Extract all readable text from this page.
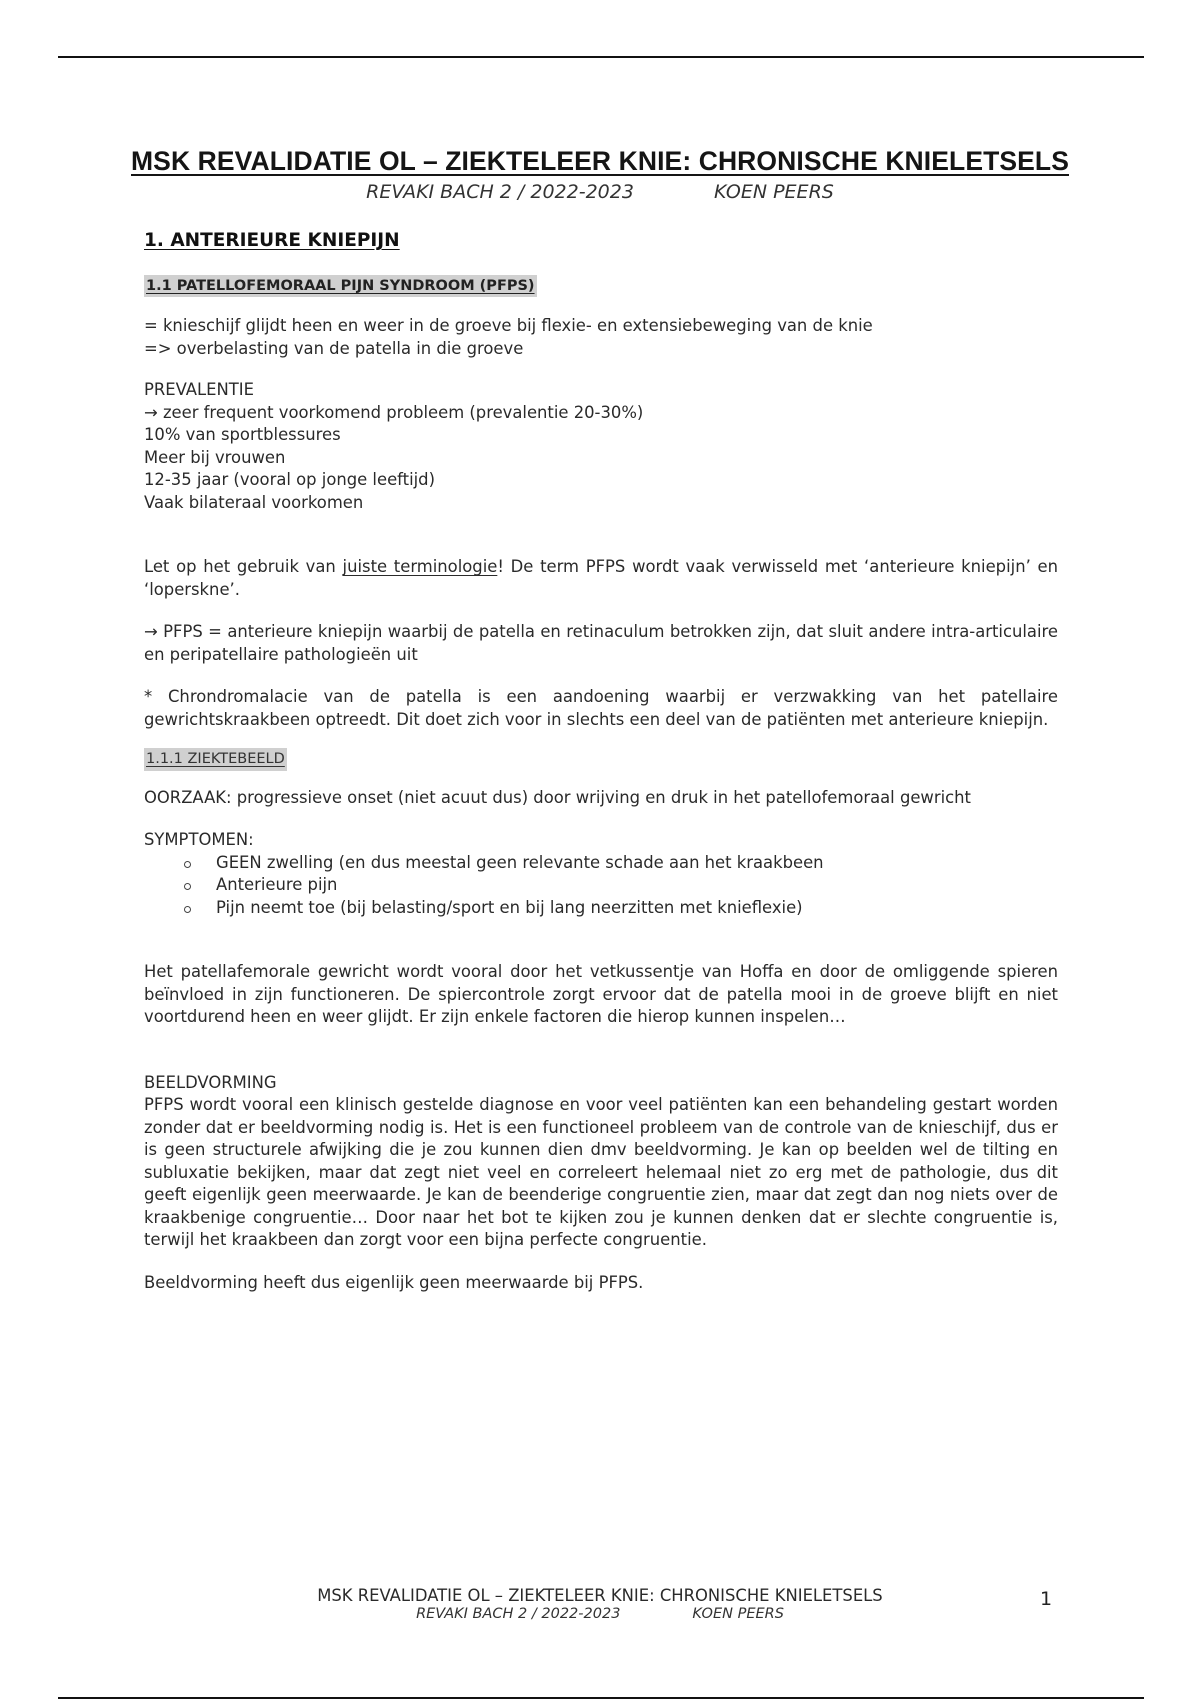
MSK REVALIDATIE OL – ZIEKTELEER KNIE: CHRONISCHE KNIELETSELS
REVAKI BACH 2 / 2022-2023	KOEN PEERS

1. ANTERIEURE KNIEPIJN

1.1 PATELLOFEMORAAL PIJN SYNDROOM (PFPS)

= knieschijf glijdt heen en weer in de groeve bij flexie- en extensiebeweging van de knie

=> overbelasting van de patella in die groeve

PREVALENTIE

→ zeer frequent voorkomend probleem (prevalentie 20-30%)

10% van sportblessures

Meer bij vrouwen

12-35 jaar (vooral op jonge leeftijd)

Vaak bilateraal voorkomen

Let op het gebruik van juiste terminologie! De term PFPS wordt vaak verwisseld met ‘anterieure kniepijn’ en ‘loperskne’.

→ PFPS = anterieure kniepijn waarbij de patella en retinaculum betrokken zijn, dat sluit andere intra-articulaire en peripatellaire pathologieën uit

* Chrondromalacie van de patella is een aandoening waarbij er verzwakking van het patellaire gewrichtskraakbeen optreedt. Dit doet zich voor in slechts een deel van de patiënten met anterieure kniepijn.

1.1.1 ZIEKTEBEELD

OORZAAK: progressieve onset (niet acuut dus) door wrijving en druk in het patellofemoraal gewricht

SYMPTOMEN:

GEEN zwelling (en dus meestal geen relevante schade aan het kraakbeen
Anterieure pijn
Pijn neemt toe (bij belasting/sport en bij lang neerzitten met knieflexie)

Het patellafemorale gewricht wordt vooral door het vetkussentje van Hoffa en door de omliggende spieren beïnvloed in zijn functioneren. De spiercontrole zorgt ervoor dat de patella mooi in de groeve blijft en niet voortdurend heen en weer glijdt. Er zijn enkele factoren die hierop kunnen inspelen…

BEELDVORMING

PFPS wordt vooral een klinisch gestelde diagnose en voor veel patiënten kan een behandeling gestart worden zonder dat er beeldvorming nodig is. Het is een functioneel probleem van de controle van de knieschijf, dus er is geen structurele afwijking die je zou kunnen dien dmv beeldvorming. Je kan op beelden wel de tilting en subluxatie bekijken, maar dat zegt niet veel en correleert helemaal niet zo erg met de pathologie, dus dit geeft eigenlijk geen meerwaarde. Je kan de beenderige congruentie zien, maar dat zegt dan nog niets over de kraakbenige congruentie… Door naar het bot te kijken zou je kunnen denken dat er slechte congruentie is, terwijl het kraakbeen dan zorgt voor een bijna perfecte congruentie.

Beeldvorming heeft dus eigenlijk geen meerwaarde bij PFPS.

MSK REVALIDATIE OL – ZIEKTELEER KNIE: CHRONISCHE KNIELETSELS
REVAKI BACH 2 / 2022-2023	KOEN PEERS
1
